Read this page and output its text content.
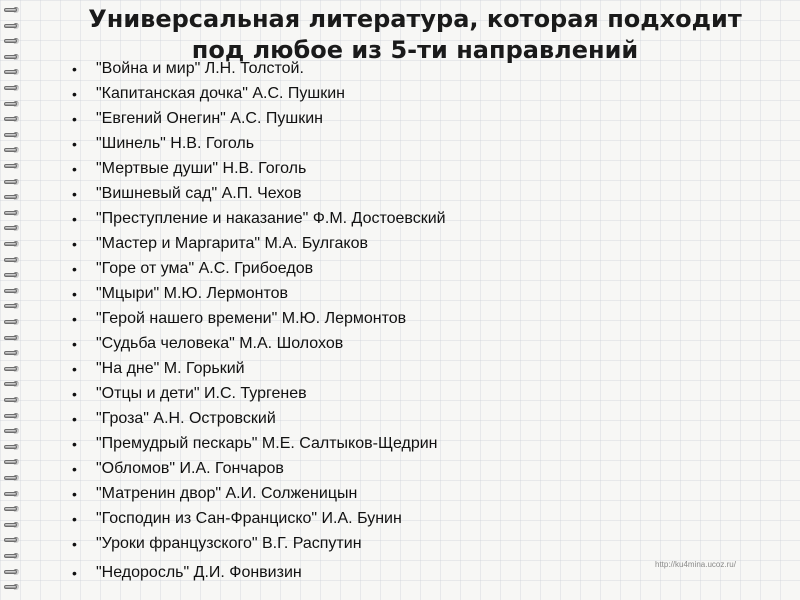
Универсальная литература, которая подходит под любое из 5-ти направлений
• "Война и мир" Л.Н. Толстой.
• "Капитанская дочка" А.С. Пушкин
• "Евгений Онегин" А.С. Пушкин
• "Шинель" Н.В. Гоголь
• "Мертвые души" Н.В. Гоголь
• "Вишневый сад" А.П. Чехов
• "Преступление и наказание" Ф.М. Достоевский
• "Мастер и Маргарита" М.А. Булгаков
• "Горе от ума" А.С. Грибоедов
• "Мцыри" М.Ю. Лермонтов
• "Герой нашего времени" М.Ю. Лермонтов
• "Судьба человека" М.А. Шолохов
• "На дне" М. Горький
• "Отцы и дети" И.С. Тургенев
• "Гроза" А.Н. Островский
• "Премудрый пескарь" М.Е. Салтыков-Щедрин
• "Обломов" И.А. Гончаров
• "Матренин двор" А.И. Солженицын
• "Господин из Сан-Франциско" И.А. Бунин
• "Уроки французского" В.Г. Распутин
• "Недоросль" Д.И. Фонвизин	http://ku4mina.ucoz.ru/
